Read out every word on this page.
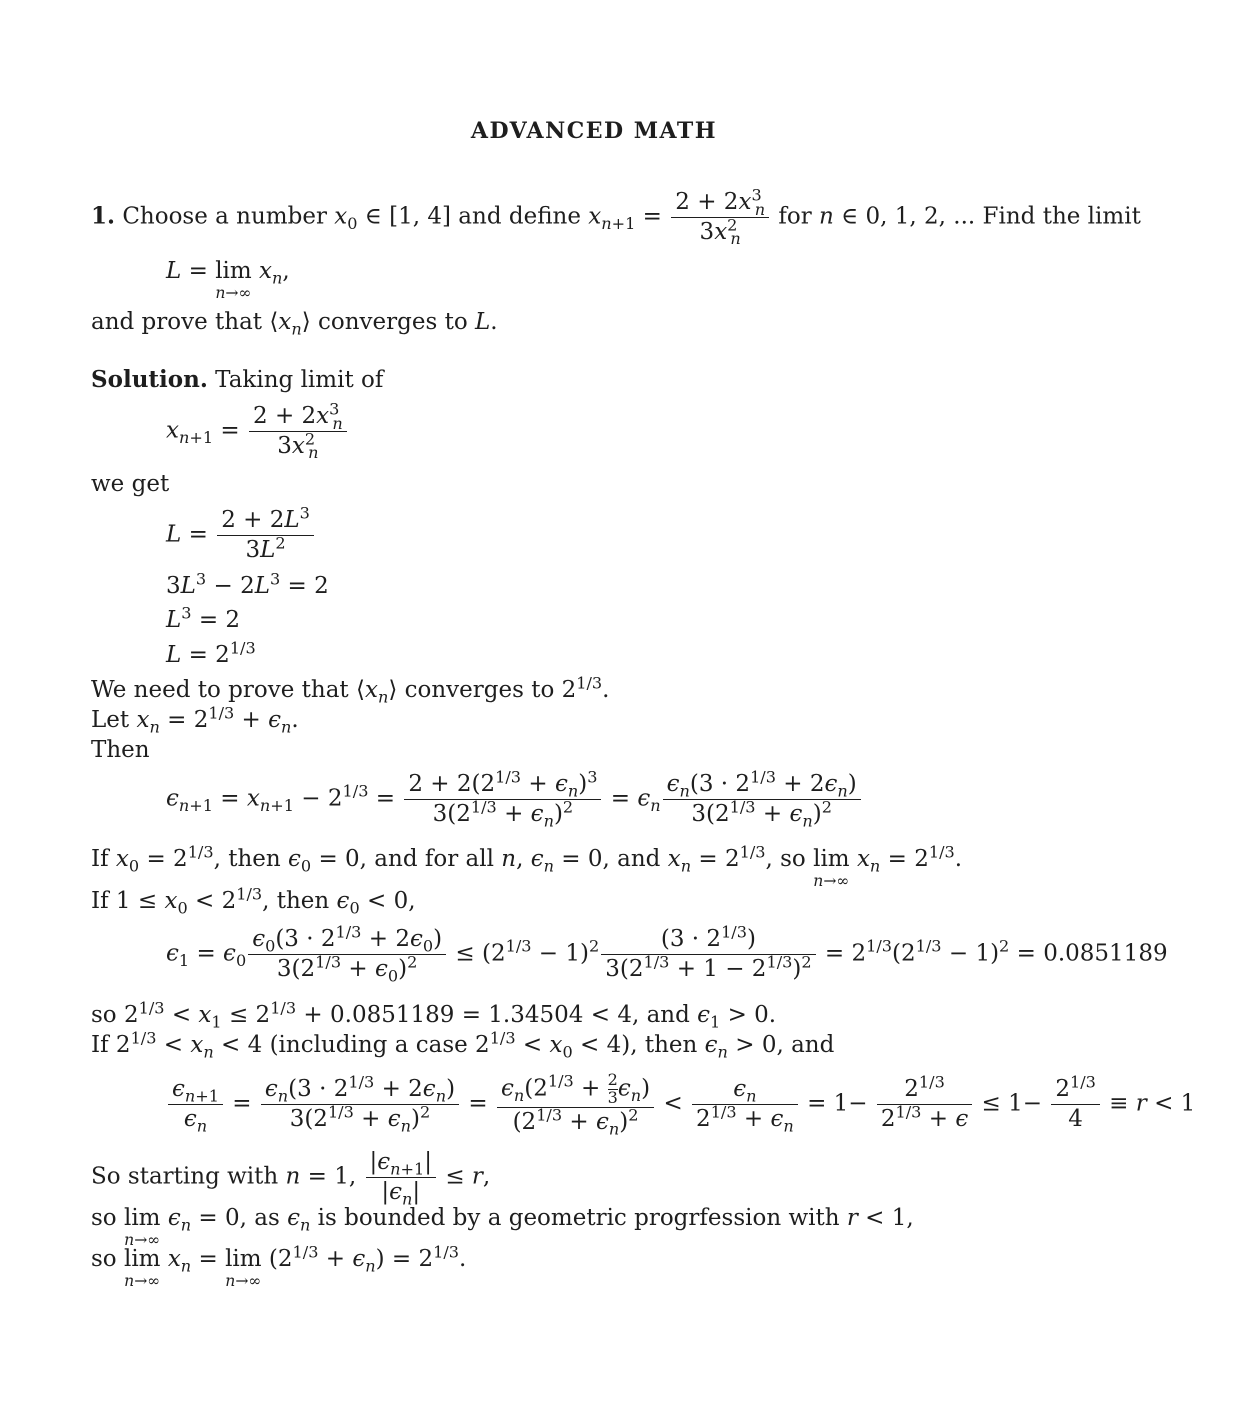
ADVANCED MATH
1. Choose a number $x_0$ ∈ [1, 4] and define $x_{n+1} = \frac{2 + 2x^3_n}{3x^2_n}$ for n ∈ 0, 1, 2, ... Find the limit
L = lim
n→∞
$x_n$,
and prove that $⟨x_n⟩$ converges to L.
Solution. Taking limit of
$x_{n+1} = \frac{2 + 2x^3_n}{3x^2_n}$
we get
$L = \frac{2 + 2L^3}{3L^2}$
$3L^3 - 2L^3 = 2$
$L^3 = 2$
$L = 2^{1/3}$
We need to prove that $⟨x_n⟩$ converges to $2^{1/3}$.
Let $x_n = 2^{1/3} + \epsilon_n$.
Then
$\epsilon_{n+1} = x_{n+1} - 2^{1/3} = \frac{2 + 2(2^{1/3} + \epsilon_n)^3}{3(2^{1/3} + \epsilon_n)^2} = \epsilon_n \frac{\epsilon_n(3 \cdot 2^{1/3} + 2\epsilon_n)}{3(2^{1/3} + \epsilon_n)^2}$
If $x_0 = 2^{1/3}$, then $\epsilon_0 = 0$, and for all n, $\epsilon_n = 0$, and $x_n = 2^{1/3}$, so lim
n→∞
$x_n = 2^{1/3}$.
If $1 \le x_0 < 2^{1/3}$, then $\epsilon_0 < 0$,
$\epsilon_1 = \epsilon_0 \frac{\epsilon_0(3 \cdot 2^{1/3} + 2\epsilon_0)}{3(2^{1/3} + \epsilon_0)^2} \le (2^{1/3} - 1)^2 \frac{(3 \cdot 2^{1/3})}{3(2^{1/3} + 1 - 2^{1/3})^2} = 2^{1/3}(2^{1/3} - 1)^2 = 0.0851189$
so $2^{1/3} < x_1 \le 2^{1/3} + 0.0851189 = 1.34504 < 4$, and $\epsilon_1 > 0$.
If $2^{1/3} < x_n < 4$ (including a case $2^{1/3} < x_0 < 4$), then $\epsilon_n > 0$, and
$\frac{\epsilon_{n+1}}{\epsilon_n} = \frac{\epsilon_n(3 \cdot 2^{1/3} + 2\epsilon_n)}{3(2^{1/3} + \epsilon_n)^2} = \frac{\epsilon_n(2^{1/3} + \frac{2}{3} \epsilon_n)}{(2^{1/3} + \epsilon_n)^2} < \frac{\epsilon_n}{2^{1/3} + \epsilon_n} = 1- \frac{2^{1/3}}{2^{1/3} + \epsilon} \le 1- \frac{2^{1/3}}{4} \equiv r < 1$
So starting with n = 1, $\frac{|\epsilon_{n+1}|}{|\epsilon_n|} \le r$,
so lim
n→∞
$\epsilon_n = 0$, as $\epsilon_n$ is bounded by a geometric progrfession with r < 1,
so lim
n→∞
$x_n = \lim$
n→∞
$(2^{1/3} + \epsilon_n) = 2^{1/3}$.
